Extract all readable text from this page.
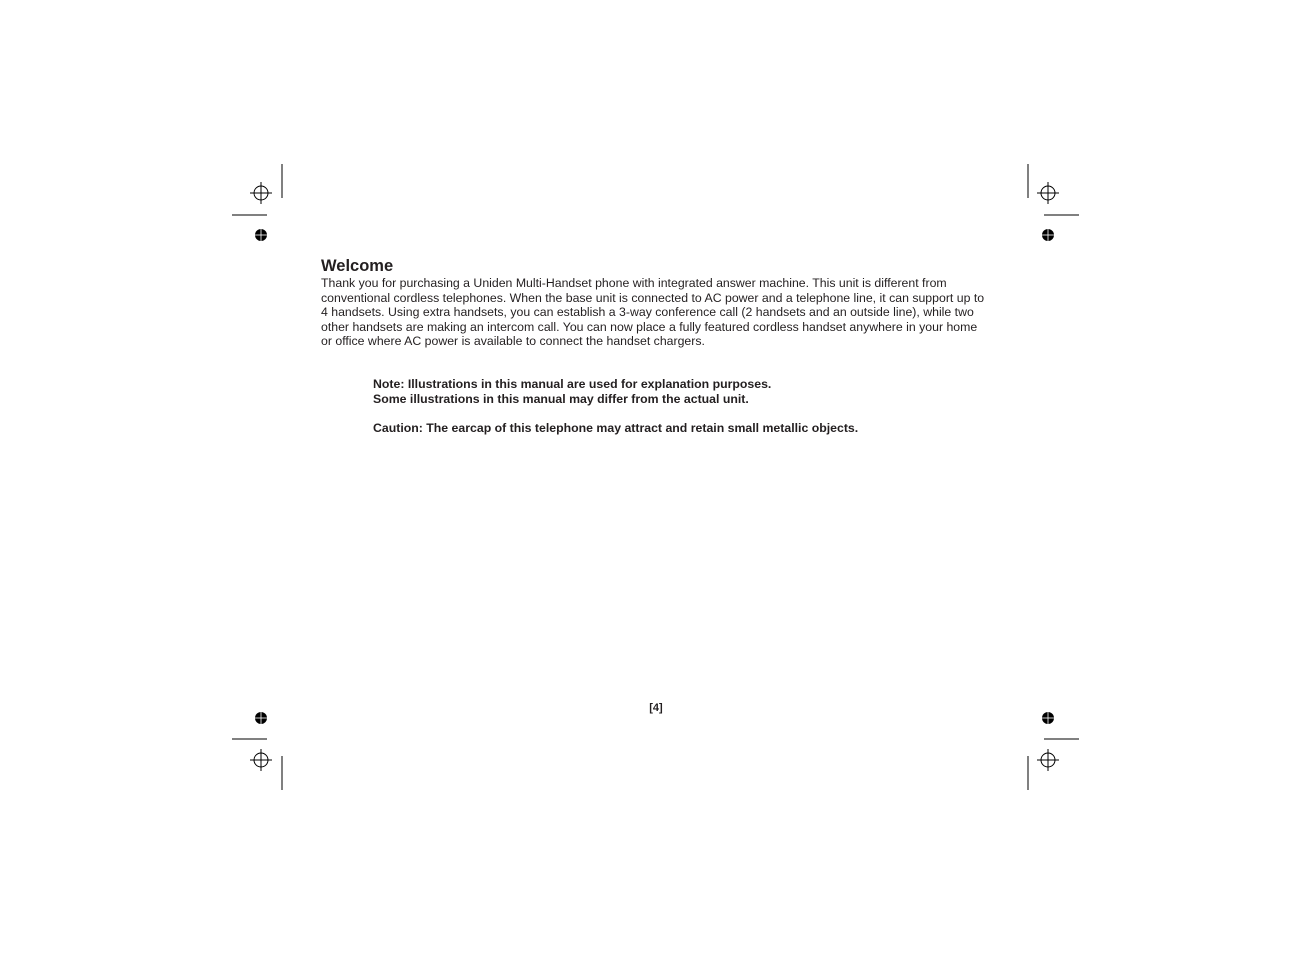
Welcome

Thank you for purchasing a Uniden Multi-Handset phone with integrated answer machine. This unit is different from conventional cordless telephones. When the base unit is connected to AC power and a telephone line, it can support up to 4 handsets. Using extra handsets, you can establish a 3-way conference call (2 handsets and an outside line), while two other handsets are making an intercom call. You can now place a fully featured cordless handset anywhere in your home or office where AC power is available to connect the handset chargers.

Note: Illustrations in this manual are used for explanation purposes.

Some illustrations in this manual may differ from the actual unit.

Caution: The earcap of this telephone may attract and retain small metallic objects.

[4]
